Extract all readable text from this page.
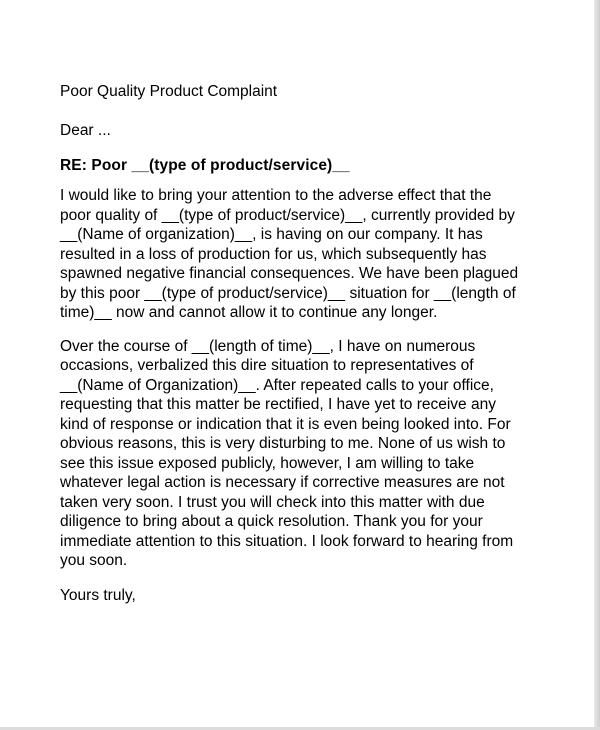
Poor Quality Product Complaint
Dear ...
RE: Poor __(type of product/service)__
I would like to bring your attention to the adverse effect that the
poor quality of __(type of product/service)__, currently provided by
__(Name of organization)__, is having on our company. It has
resulted in a loss of production for us, which subsequently has
spawned negative financial consequences. We have been plagued
by this poor __(type of product/service)__ situation for __(length of
time)__ now and cannot allow it to continue any longer.
Over the course of __(length of time)__, I have on numerous
occasions, verbalized this dire situation to representatives of
__(Name of Organization)__. After repeated calls to your office,
requesting that this matter be rectified, I have yet to receive any
kind of response or indication that it is even being looked into. For
obvious reasons, this is very disturbing to me. None of us wish to
see this issue exposed publicly, however, I am willing to take
whatever legal action is necessary if corrective measures are not
taken very soon. I trust you will check into this matter with due
diligence to bring about a quick resolution. Thank you for your
immediate attention to this situation. I look forward to hearing from
you soon.
Yours truly,
